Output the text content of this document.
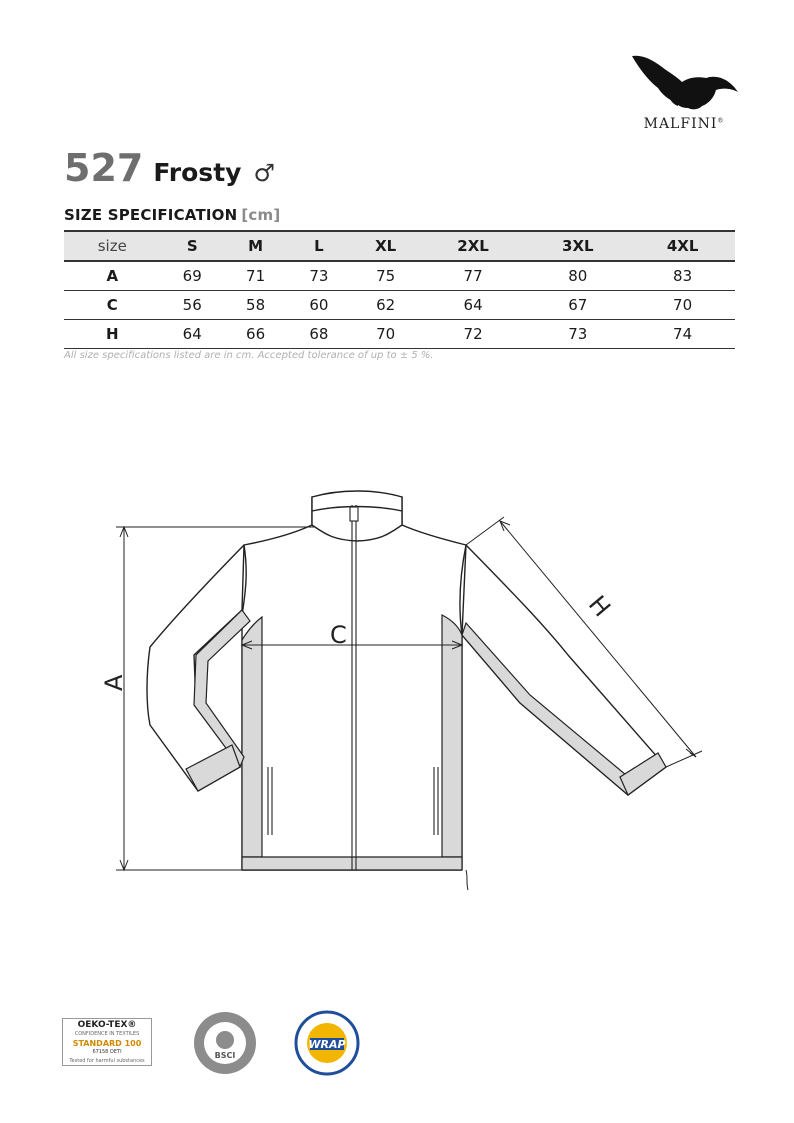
MALFINI®
527 Frosty ♂
SIZE SPECIFICATION [cm]
size	S	M	L	XL	2XL	3XL	4XL
A	69	71	73	75	77	80	83
C	56	58	60	62	64	67	70
H	64	66	68	70	72	73	74
All size specifications listed are in cm. Accepted tolerance of up to ± 5 %.
A
C
H
OEKO-TEX®
CONFIDENCE IN TEXTILES
STANDARD 100
67158 OETI
Tested for harmful substances
BSCI
WRAP
